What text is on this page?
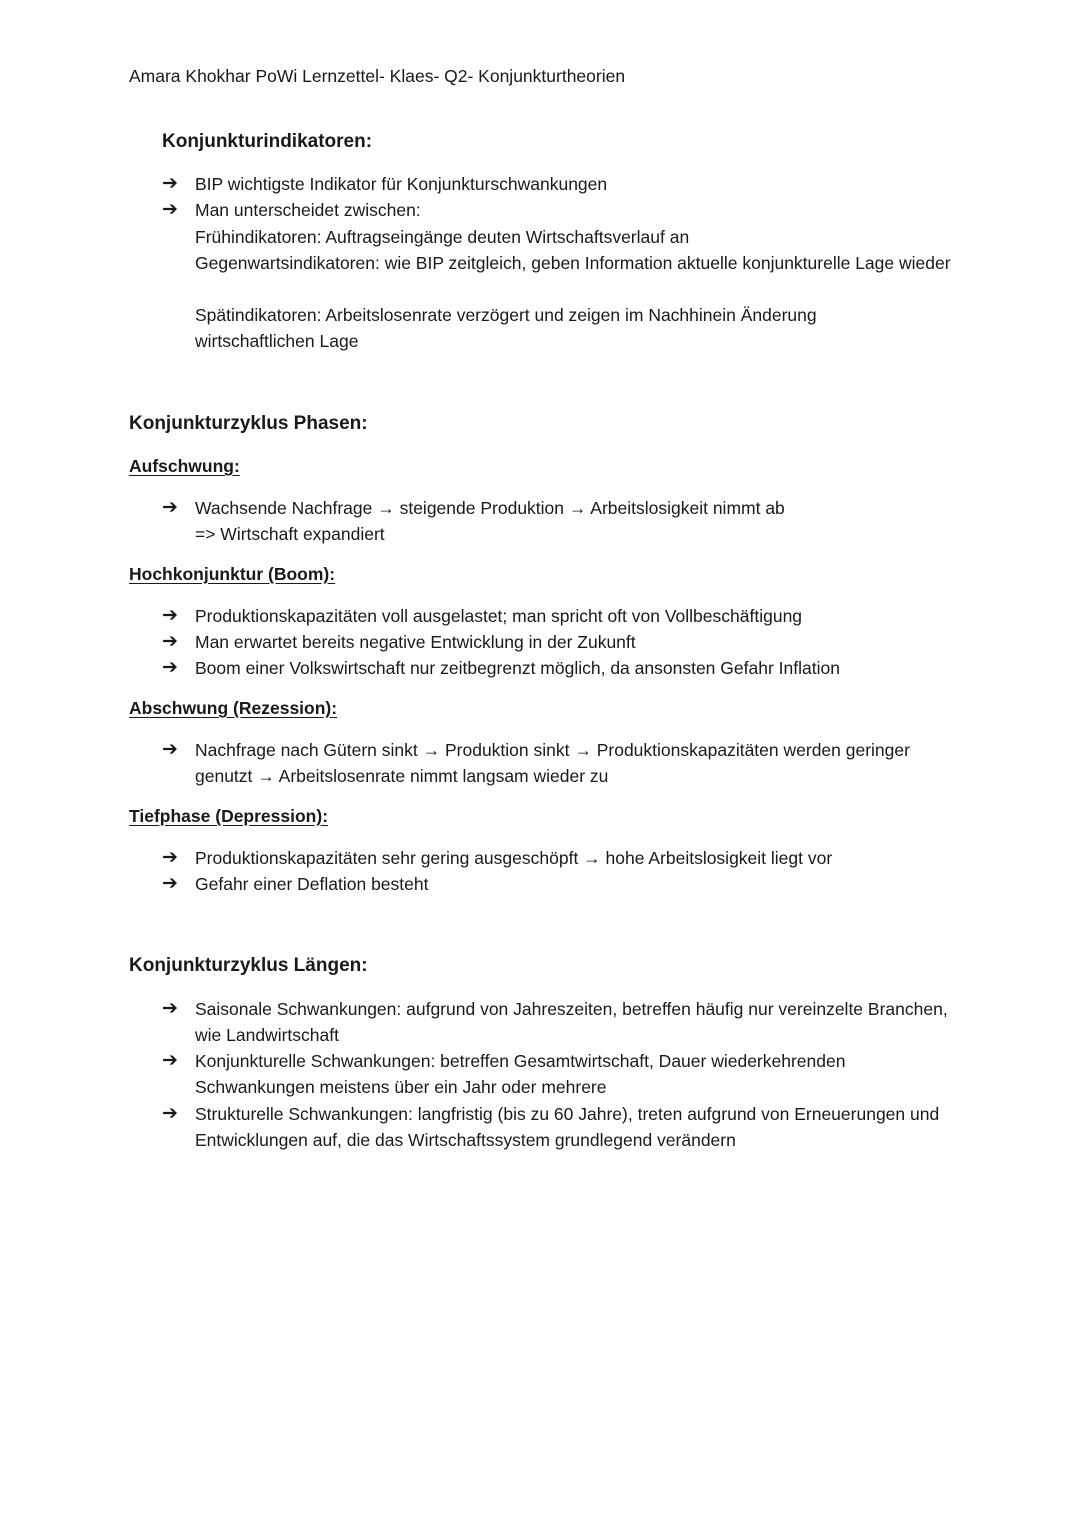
Amara Khokhar PoWi Lernzettel- Klaes- Q2- Konjunkturtheorien
Konjunkturindikatoren:
➔ BIP wichtigste Indikator für Konjunkturschwankungen
➔ Man unterscheidet zwischen:
Frühindikatoren: Auftragseingänge deuten Wirtschaftsverlauf an
Gegenwartsindikatoren: wie BIP zeitgleich, geben Information aktuelle konjunkturelle Lage wieder
Spätindikatoren: Arbeitslosenrate verzögert und zeigen im Nachhinein Änderung wirtschaftlichen Lage
Konjunkturzyklus Phasen:
Aufschwung:
➔ Wachsende Nachfrage → steigende Produktion → Arbeitslosigkeit nimmt ab
=> Wirtschaft expandiert
Hochkonjunktur (Boom):
➔ Produktionskapazitäten voll ausgelastet; man spricht oft von Vollbeschäftigung
➔ Man erwartet bereits negative Entwicklung in der Zukunft
➔ Boom einer Volkswirtschaft nur zeitbegrenzt möglich, da ansonsten Gefahr Inflation
Abschwung (Rezession):
➔ Nachfrage nach Gütern sinkt → Produktion sinkt → Produktionskapazitäten werden geringer genutzt → Arbeitslosenrate nimmt langsam wieder zu
Tiefphase (Depression):
➔ Produktionskapazitäten sehr gering ausgeschöpft → hohe Arbeitslosigkeit liegt vor
➔ Gefahr einer Deflation besteht
Konjunkturzyklus Längen:
➔ Saisonale Schwankungen: aufgrund von Jahreszeiten, betreffen häufig nur vereinzelte Branchen, wie Landwirtschaft
➔ Konjunkturelle Schwankungen: betreffen Gesamtwirtschaft, Dauer wiederkehrenden Schwankungen meistens über ein Jahr oder mehrere
➔ Strukturelle Schwankungen: langfristig (bis zu 60 Jahre), treten aufgrund von Erneuerungen und Entwicklungen auf, die das Wirtschaftssystem grundlegend verändern
